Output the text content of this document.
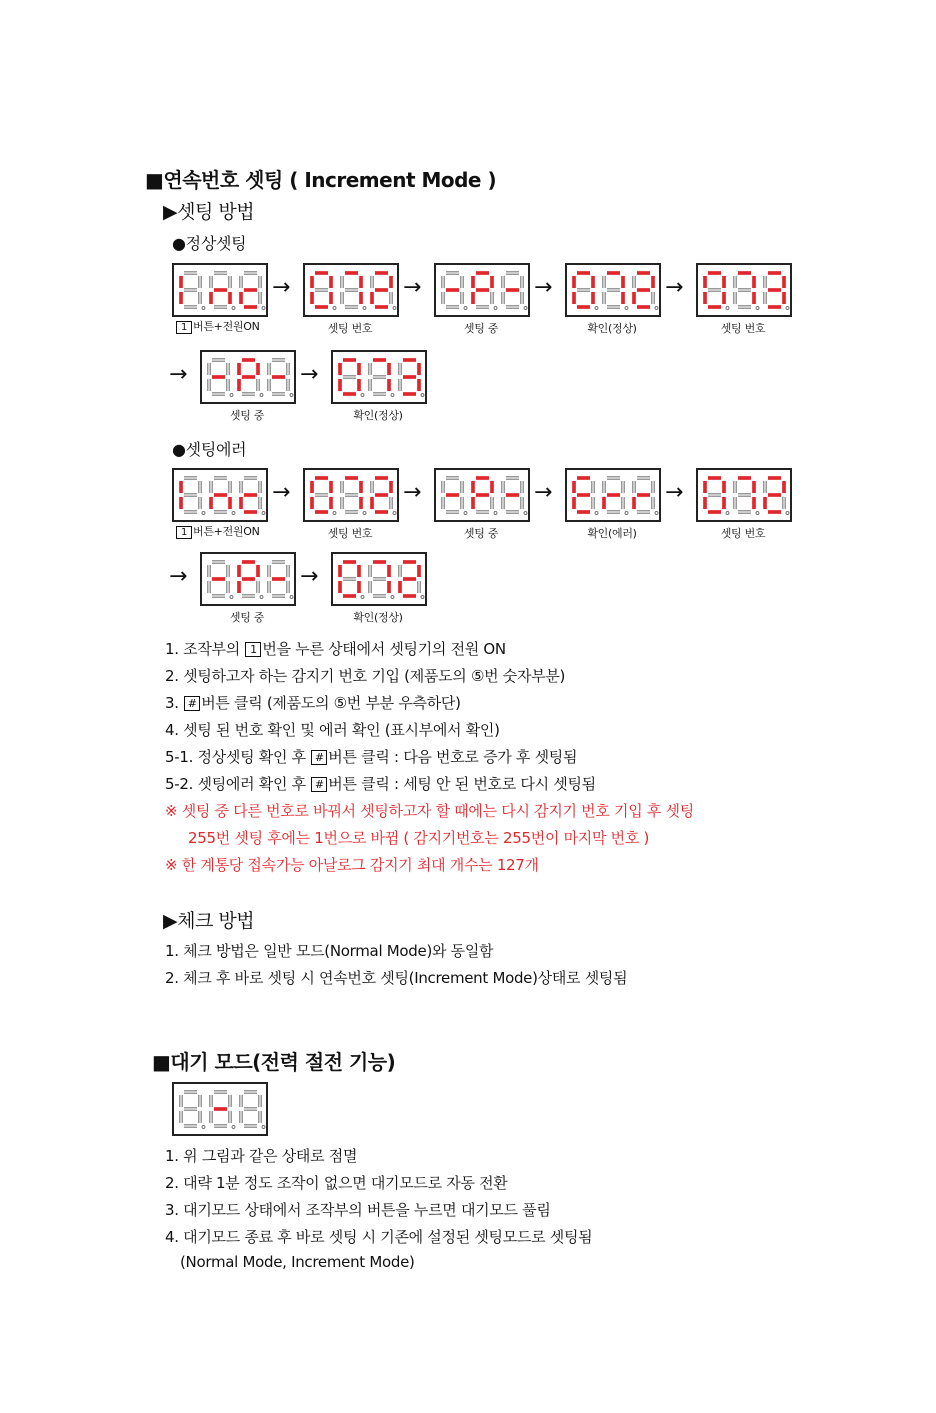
■연속번호 셋팅 ( Increment Mode )
▶셋팅 방법
●정상셋팅
1 버튼+전원ON
→
셋팅 번호
→
셋팅 중
→
확인(정상)
→
셋팅 번호
→
셋팅 중
→
확인(정상)
●셋팅에러
1 버튼+전원ON
→
셋팅 번호
→
셋팅 중
→
확인(에러)
→
셋팅 번호
→
셋팅 중
→
확인(정상)
1. 조작부의 1 번을 누른 상태에서 셋팅기의 전원 ON
2. 셋팅하고자 하는 감지기 번호 기입 (제품도의 ⑤번 숫자부분)
3. # 버튼 클릭 (제품도의 ⑤번 부분 우측하단)
4. 셋팅 된 번호 확인 및 에러 확인 (표시부에서 확인)
5-1. 정상셋팅 확인 후 # 버튼 클릭 : 다음 번호로 증가 후 셋팅됨
5-2. 셋팅에러 확인 후 # 버튼 클릭 : 세팅 안 된 번호로 다시 셋팅됨
※ 셋팅 중 다른 번호로 바꿔서 셋팅하고자 할 때에는 다시 감지기 번호 기입 후 셋팅
255번 셋팅 후에는 1번으로 바뀜 ( 감지기번호는 255번이 마지막 번호 )
※ 한 계통당 접속가능 아날로그 감지기 최대 개수는 127개
▶체크 방법
1. 체크 방법은 일반 모드(Normal Mode)와 동일함
2. 체크 후 바로 셋팅 시 연속번호 셋팅(Increment Mode)상태로 셋팅됨
■대기 모드(전력 절전 기능)
1. 위 그림과 같은 상태로 점멸
2. 대략 1분 정도 조작이 없으면 대기모드로 자동 전환
3. 대기모드 상태에서 조작부의 버튼을 누르면 대기모드 풀림
4. 대기모드 종료 후 바로 셋팅 시 기존에 설정된 셋팅모드로 셋팅됨
(Normal Mode, Increment Mode)
